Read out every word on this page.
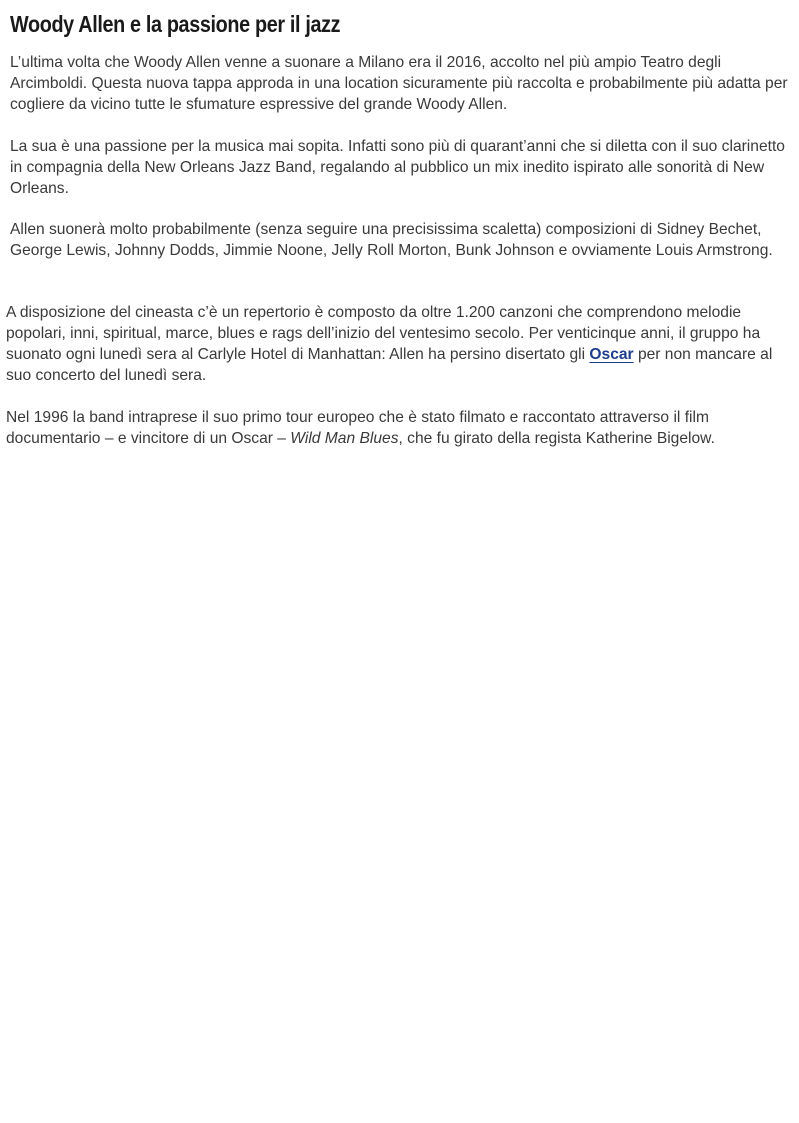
Woody Allen e la passione per il jazz

L’ultima volta che Woody Allen venne a suonare a Milano era il 2016, accolto nel più ampio Teatro degli Arcimboldi. Questa nuova tappa approda in una location sicuramente più raccolta e probabilmente più adatta per cogliere da vicino tutte le sfumature espressive del grande Woody Allen.

La sua è una passione per la musica mai sopita. Infatti sono più di quarant’anni che si diletta con il suo clarinetto in compagnia della New Orleans Jazz Band, regalando al pubblico un mix inedito ispirato alle sonorità di New Orleans.

Allen suonerà molto probabilmente (senza seguire una precisissima scaletta) composizioni di Sidney Bechet, George Lewis, Johnny Dodds, Jimmie Noone, Jelly Roll Morton, Bunk Johnson e ovviamente Louis Armstrong.

A disposizione del cineasta c’è un repertorio è composto da oltre 1.200 canzoni che comprendono melodie popolari, inni, spiritual, marce, blues e rags dell’inizio del ventesimo secolo. Per venticinque anni, il gruppo ha suonato ogni lunedì sera al Carlyle Hotel di Manhattan: Allen ha persino disertato gli Oscar per non mancare al suo concerto del lunedì sera.

Nel 1996 la band intraprese il suo primo tour europeo che è stato filmato e raccontato attraverso il film documentario – e vincitore di un Oscar – Wild Man Blues, che fu girato della regista Katherine Bigelow.
